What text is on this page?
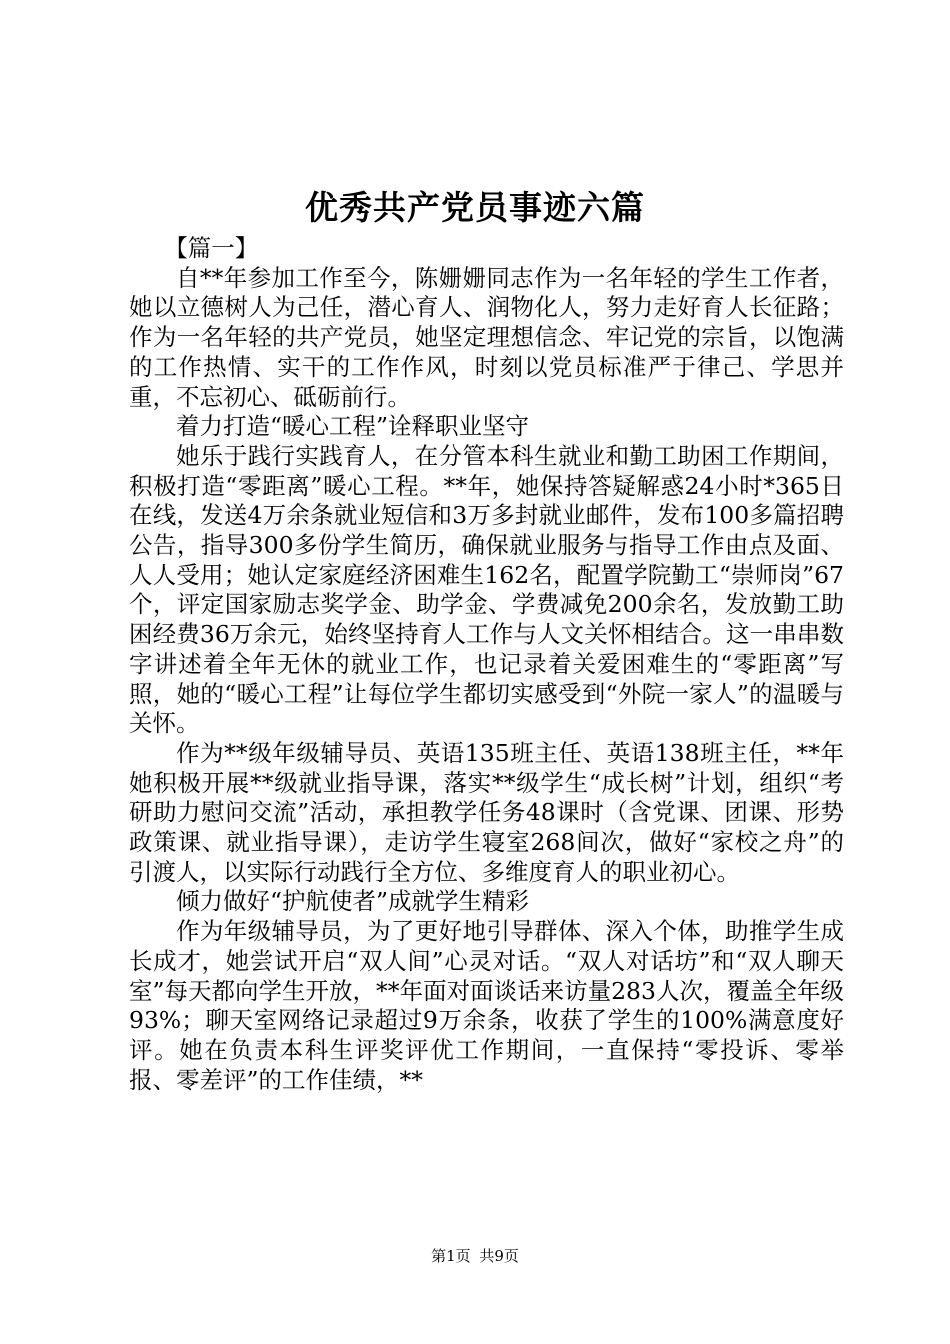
优秀共产党员事迹六篇

【篇一】

自**年参加工作至今，陈姗姗同志作为一名年轻的学生工作者，她以立德树人为己任，潜心育人、润物化人，努力走好育人长征路；作为一名年轻的共产党员，她坚定理想信念、牢记党的宗旨，以饱满的工作热情、实干的工作作风，时刻以党员标准严于律己、学思并重，不忘初心、砥砺前行。

着力打造“暖心工程”诠释职业坚守

她乐于践行实践育人，在分管本科生就业和勤工助困工作期间，积极打造“零距离”暖心工程。**年，她保持答疑解惑24小时*365日在线，发送4万余条就业短信和3万多封就业邮件，发布100多篇招聘公告，指导300多份学生简历，确保就业服务与指导工作由点及面、人人受用；她认定家庭经济困难生162名，配置学院勤工“崇师岗”67个，评定国家励志奖学金、助学金、学费减免200余名，发放勤工助困经费36万余元，始终坚持育人工作与人文关怀相结合。这一串串数字讲述着全年无休的就业工作，也记录着关爱困难生的“零距离”写照，她的“暖心工程”让每位学生都切实感受到“外院一家人”的温暖与关怀。

作为**级年级辅导员、英语135班主任、英语138班主任，**年她积极开展**级就业指导课，落实**级学生“成长树”计划，组织“考研助力慰问交流”活动，承担教学任务48课时（含党课、团课、形势政策课、就业指导课），走访学生寝室268间次，做好“家校之舟”的引渡人，以实际行动践行全方位、多维度育人的职业初心。

倾力做好“护航使者”成就学生精彩

作为年级辅导员，为了更好地引导群体、深入个体，助推学生成长成才，她尝试开启“双人间”心灵对话。“双人对话坊”和“双人聊天室”每天都向学生开放，**年面对面谈话来访量283人次，覆盖全年级93%；聊天室网络记录超过9万余条，收获了学生的100%满意度好评。她在负责本科生评奖评优工作期间，一直保持“零投诉、零举报、零差评”的工作佳绩，**

第1页 共9页
